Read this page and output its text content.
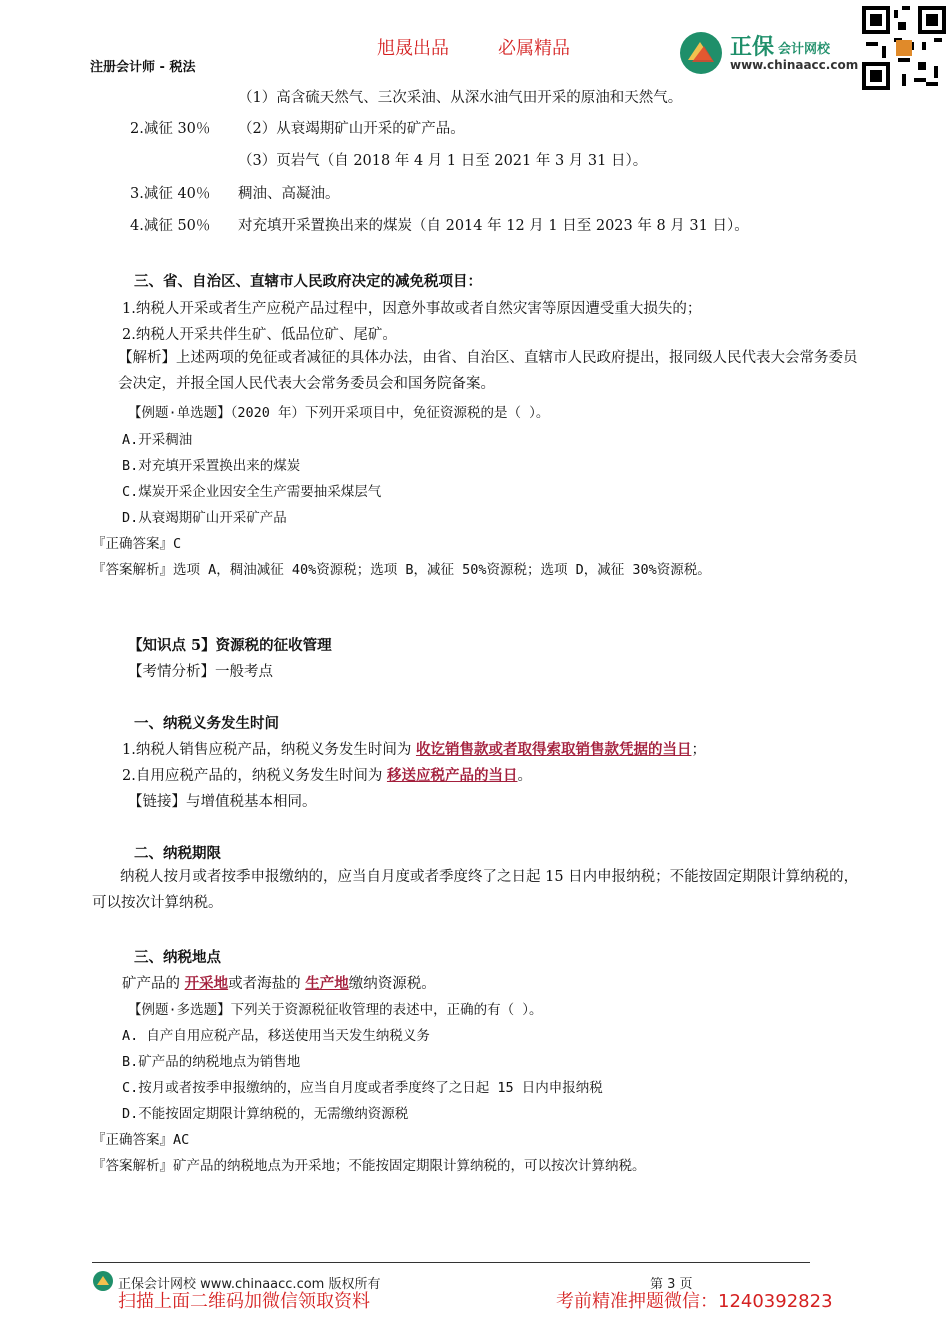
旭晟出品	必属精品
注册会计师 - 税法
正保 会计网校
www.chinaacc.com
（1）高含硫天然气、三次采油、从深水油气田开采的原油和天然气。
2.减征 30％ （2）从衰竭期矿山开采的矿产品。
（3）页岩气（自 2018 年 4 月 1 日至 2021 年 3 月 31 日）。
3.减征 40％ 稠油、高凝油。
4.减征 50％ 对充填开采置换出来的煤炭（自 2014 年 12 月 1 日至 2023 年 8 月 31 日）。
三、省、自治区、直辖市人民政府决定的减免税项目：
1.纳税人开采或者生产应税产品过程中，因意外事故或者自然灾害等原因遭受重大损失的；
2.纳税人开采共伴生矿、低品位矿、尾矿。
【解析】上述两项的免征或者减征的具体办法，由省、自治区、直辖市人民政府提出，报同级人民代表大会常务委员会决定，并报全国人民代表大会常务委员会和国务院备案。
【例题·单选题】（2020 年）下列开采项目中，免征资源税的是（ ）。
A.开采稠油
B.对充填开采置换出来的煤炭
C.煤炭开采企业因安全生产需要抽采煤层气
D.从衰竭期矿山开采矿产品
『正确答案』C
『答案解析』选项 A，稠油减征 40%资源税；选项 B，减征 50%资源税；选项 D，减征 30%资源税。
【知识点 5】资源税的征收管理
【考情分析】一般考点
一、纳税义务发生时间
1.纳税人销售应税产品，纳税义务发生时间为 收讫销售款或者取得索取销售款凭据的当日；
2.自用应税产品的，纳税义务发生时间为 移送应税产品的当日。
【链接】与增值税基本相同。
二、纳税期限
纳税人按月或者按季申报缴纳的，应当自月度或者季度终了之日起 15 日内申报纳税；不能按固定期限计算纳税的，可以按次计算纳税。
三、纳税地点
矿产品的 开采地或者海盐的 生产地缴纳资源税。
【例题·多选题】下列关于资源税征收管理的表述中，正确的有（ ）。
A. 自产自用应税产品，移送使用当天发生纳税义务
B.矿产品的纳税地点为销售地
C.按月或者按季申报缴纳的，应当自月度或者季度终了之日起 15 日内申报纳税
D.不能按固定期限计算纳税的，无需缴纳资源税
『正确答案』AC
『答案解析』矿产品的纳税地点为开采地；不能按固定期限计算纳税的，可以按次计算纳税。
正保会计网校 www.chinaacc.com 版权所有	第 3 页
扫描上面二维码加微信领取资料	考前精准押题微信：1240392823
